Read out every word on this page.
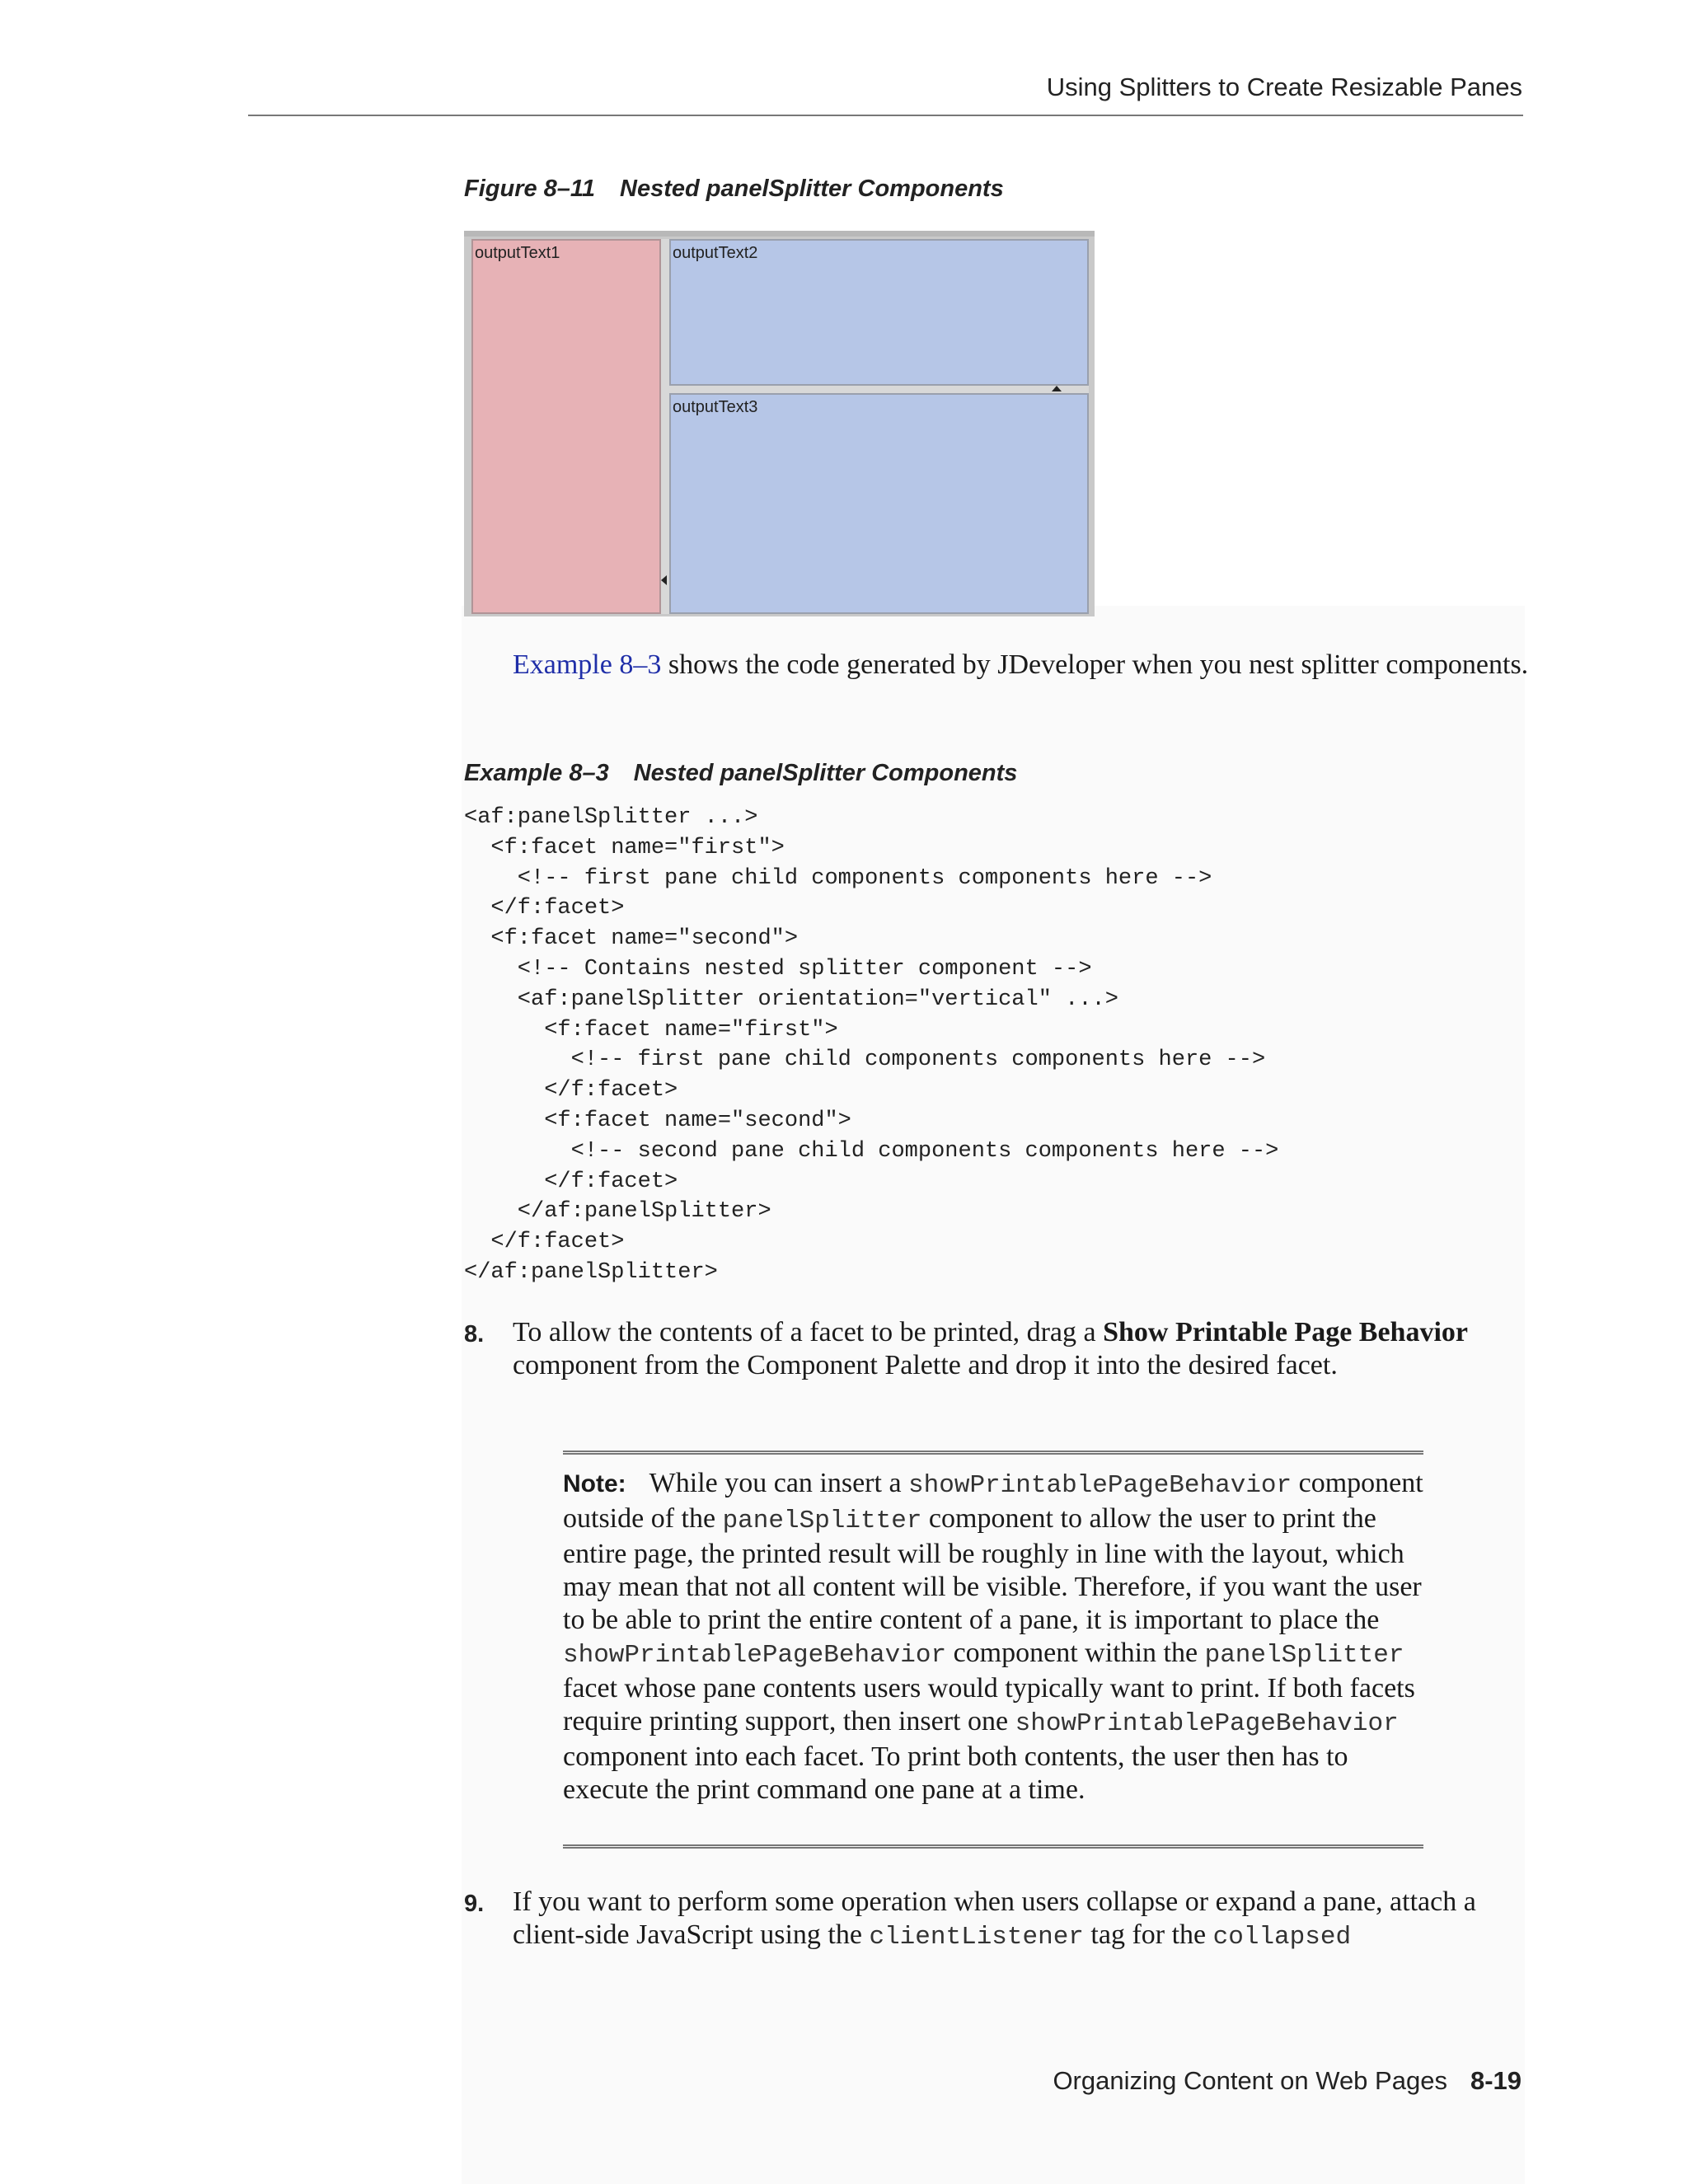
Using Splitters to Create Resizable Panes
Figure 8–11 Nested panelSplitter Components
outputText1	outputText2
outputText3
Example 8–3 shows the code generated by JDeveloper when you nest splitter components.
Example 8–3 Nested panelSplitter Components
<af:panelSplitter ...>
<f:facet name="first">
<!-- first pane child components components here -->
</f:facet>
<f:facet name="second">
<!-- Contains nested splitter component -->
<af:panelSplitter orientation="vertical" ...>
<f:facet name="first">
<!-- first pane child components components here -->
</f:facet>
<f:facet name="second">
<!-- second pane child components components here -->
</f:facet>
</af:panelSplitter>
</f:facet>
</af:panelSplitter>
8. To allow the contents of a facet to be printed, drag a Show Printable Page Behavior component from the Component Palette and drop it into the desired facet.
Note: While you can insert a showPrintablePageBehavior component outside of the panelSplitter component to allow the user to print the entire page, the printed result will be roughly in line with the layout, which may mean that not all content will be visible. Therefore, if you want the user to be able to print the entire content of a pane, it is important to place the showPrintablePageBehavior component within the panelSplitter facet whose pane contents users would typically want to print. If both facets require printing support, then insert one showPrintablePageBehavior component into each facet. To print both contents, the user then has to execute the print command one pane at a time.
9. If you want to perform some operation when users collapse or expand a pane, attach a client-side JavaScript using the clientListener tag for the collapsed
Organizing Content on Web Pages 8-19
